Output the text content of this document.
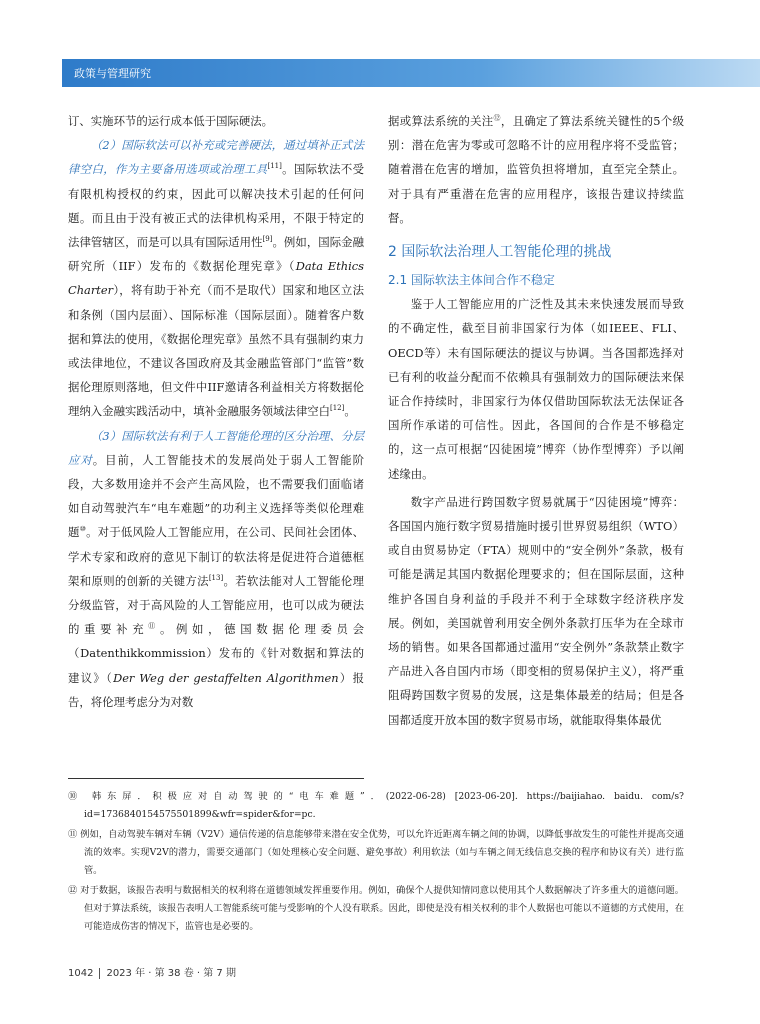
政策与管理研究

订、实施环节的运行成本低于国际硬法。

（2）国际软法可以补充或完善硬法，通过填补正式法律空白，作为主要备用选项或治理工具[11]。国际软法不受有限机构授权的约束，因此可以解决技术引起的任何问题。而且由于没有被正式的法律机构采用，不限于特定的法律管辖区，而是可以具有国际适用性[9]。例如，国际金融研究所（IIF）发布的《数据伦理宪章》（Data Ethics Charter），将有助于补充（而不是取代）国家和地区立法和条例（国内层面）、国际标准（国际层面）。随着客户数据和算法的使用，《数据伦理宪章》虽然不具有强制约束力或法律地位，不建议各国政府及其金融监管部门“监管”数据伦理原则落地，但文件中IIF邀请各利益相关方将数据伦理纳入金融实践活动中，填补金融服务领域法律空白[12]。

（3）国际软法有利于人工智能伦理的区分治理、分层应对。目前，人工智能技术的发展尚处于弱人工智能阶段，大多数用途并不会产生高风险，也不需要我们面临诸如自动驾驶汽车“电车难题”的功利主义选择等类似伦理难题⑩。对于低风险人工智能应用，在公司、民间社会团体、学术专家和政府的意见下制订的软法将是促进符合道德框架和原则的创新的关键方法[13]。若软法能对人工智能伦理分级监管，对于高风险的人工智能应用，也可以成为硬法的重要补充⑪。例如，德国数据伦理委员会（Datenthikkommission）发布的《针对数据和算法的建议》（Der Weg der gestaffelten Algorithmen）报告，将伦理考虑分为对数

据或算法系统的关注⑫，且确定了算法系统关键性的5个级别：潜在危害为零或可忽略不计的应用程序将不受监管；随着潜在危害的增加，监管负担将增加，直至完全禁止。对于具有严重潜在危害的应用程序，该报告建议持续监督。

2 国际软法治理人工智能伦理的挑战
2.1 国际软法主体间合作不稳定

鉴于人工智能应用的广泛性及其未来快速发展而导致的不确定性，截至目前非国家行为体（如IEEE、FLI、OECD等）未有国际硬法的提议与协调。当各国都选择对已有利的收益分配而不依赖具有强制效力的国际硬法来保证合作持续时，非国家行为体仅借助国际软法无法保证各国所作承诺的可信性。因此，各国间的合作是不够稳定的，这一点可根据“囚徒困境”博弈（协作型博弈）予以阐述缘由。

数字产品进行跨国数字贸易就属于“囚徒困境”博弈：各国国内施行数字贸易措施时援引世界贸易组织（WTO）或自由贸易协定（FTA）规则中的“安全例外”条款，极有可能是满足其国内数据伦理要求的；但在国际层面，这种维护各国自身利益的手段并不利于全球数字经济秩序发展。例如，美国就曾利用安全例外条款打压华为在全球市场的销售。如果各国都通过滥用“安全例外”条款禁止数字产品进入各自国内市场（即变相的贸易保护主义），将严重阻碍跨国数字贸易的发展，这是集体最差的结局；但是各国都适度开放本国的数字贸易市场，就能取得集体最优

⑩ 韩东屏．积极应对自动驾驶的“电车难题”．(2022-06-28) [2023-06-20]. https://baijiahao. baidu. com/s? id=1736840154575501899&wfr=spider&for=pc.
⑪ 例如，自动驾驶车辆对车辆（V2V）通信传递的信息能够带来潜在安全优势，可以允许近距离车辆之间的协调，以降低事故发生的可能性并提高交通流的效率。实现V2V的潜力，需要交通部门（如处理核心安全问题、避免事故）利用软法（如与车辆之间无线信息交换的程序和协议有关）进行监管。
⑫ 对于数据，该报告表明与数据相关的权利将在道德领域发挥重要作用。例如，确保个人提供知情同意以使用其个人数据解决了许多重大的道德问题。但对于算法系统，该报告表明人工智能系统可能与受影响的个人没有联系。因此，即使是没有相关权利的非个人数据也可能以不道德的方式使用，在可能造成伤害的情况下，监管也是必要的。
1042 2023 年 · 第 38 卷 · 第 7 期
